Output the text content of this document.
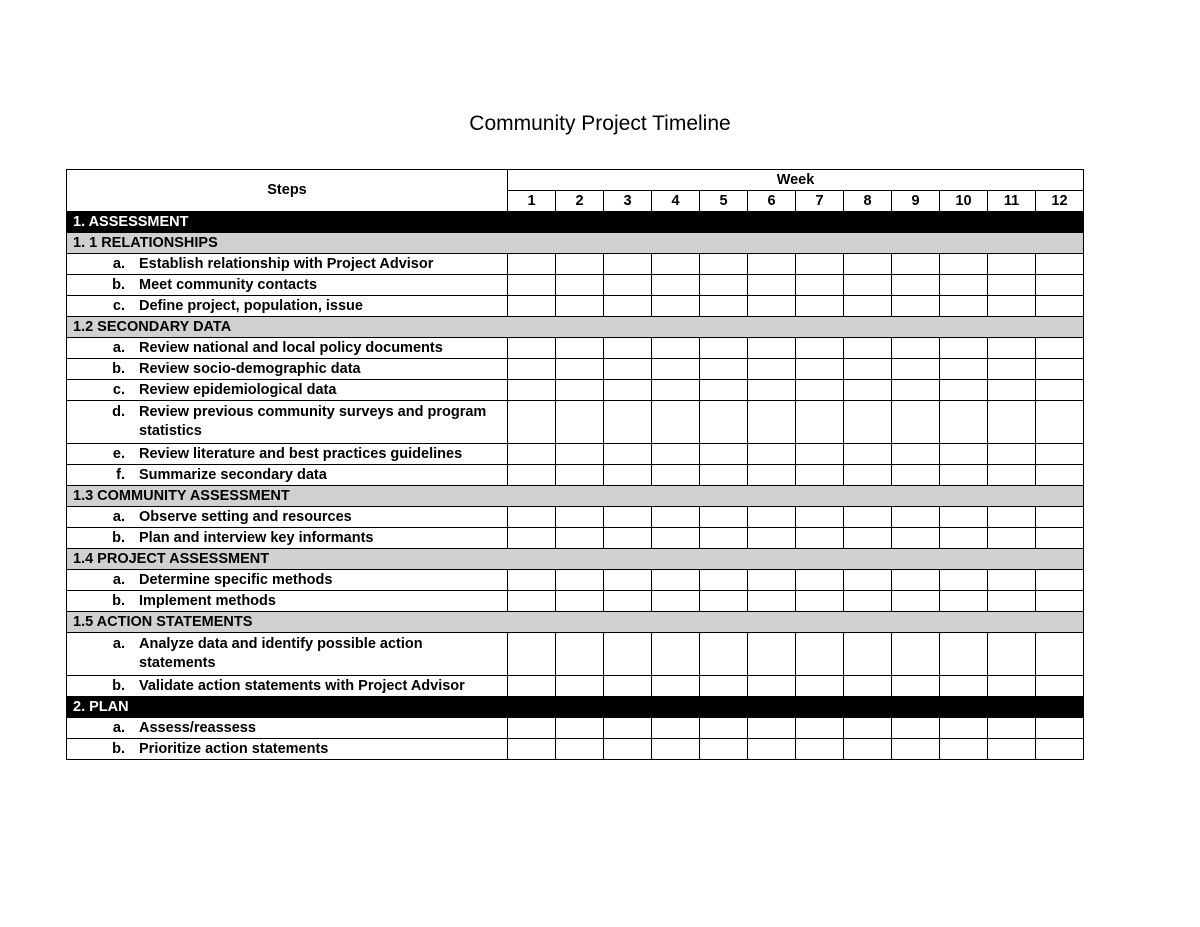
Community Project Timeline
Steps	Week											
	1	2	3	4	5	6	7	8	9	10	11	12
1. ASSESSMENT												
1. 1 RELATIONSHIPS												

a. Establish relationship with Project Advisor												

b. Meet community contacts												

c. Define project, population, issue												

1.2 SECONDARY DATA												

a. Review national and local policy documents												

b. Review socio-demographic data												

c. Review epidemiological data												

d. Review previous community surveys and program statistics												

e. Review literature and best practices guidelines												

f. Summarize secondary data												

1.3 COMMUNITY ASSESSMENT												

a. Observe setting and resources												

b. Plan and interview key informants												

1.4 PROJECT ASSESSMENT												

a. Determine specific methods												

b. Implement methods												

1.5 ACTION STATEMENTS												

a. Analyze data and identify possible action statements												

b. Validate action statements with Project Advisor												

2. PLAN												

a. Assess/reassess												

b. Prioritize action statements												
